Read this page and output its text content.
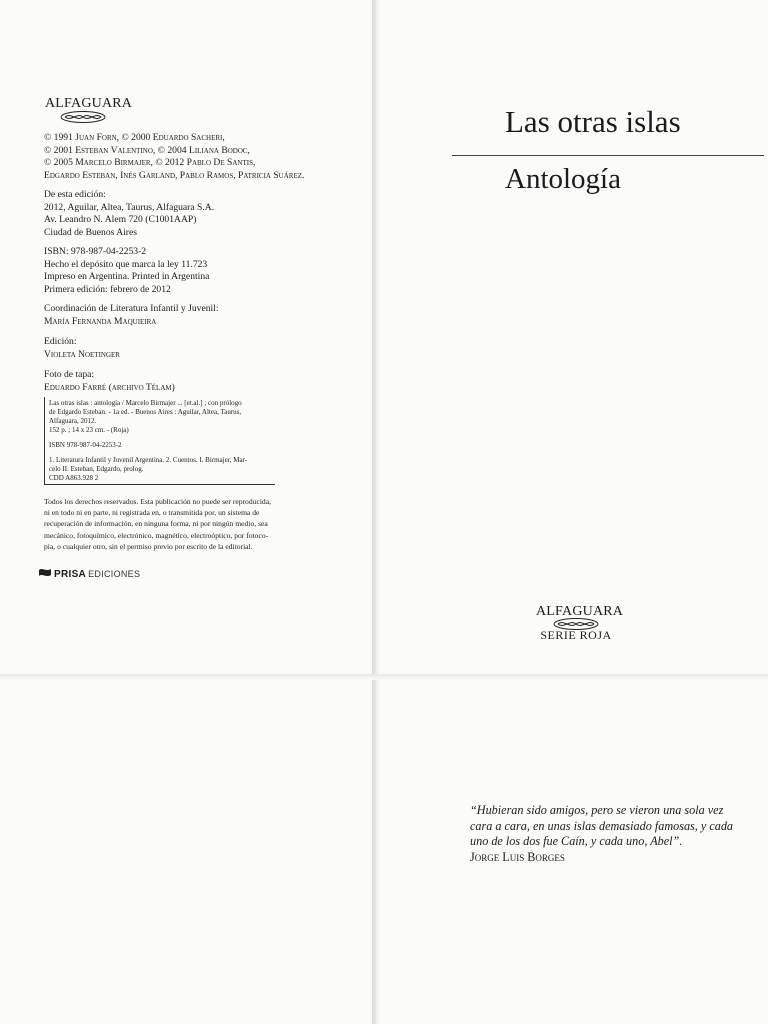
ALFAGUARA
© 1991 Juan Forn, © 2000 Eduardo Sacheri,
© 2001 Esteban Valentino, © 2004 Liliana Bodoc,
© 2005 Marcelo Birmajer, © 2012 Pablo De Santis,
Edgardo Esteban, Inés Garland, Pablo Ramos, Patricia Suárez.
De esta edición:
2012, Aguilar, Altea, Taurus, Alfaguara S.A.
Av. Leandro N. Alem 720 (C1001AAP)
Ciudad de Buenos Aires
ISBN: 978-987-04-2253-2
Hecho el depósito que marca la ley 11.723
Impreso en Argentina. Printed in Argentina
Primera edición: febrero de 2012
Coordinación de Literatura Infantil y Juvenil:
María Fernanda Maquieira
Edición:
Violeta Noetinger
Foto de tapa:
Eduardo Farré (archivo Télam)
Las otras islas : antología / Marcelo Birmajer ... [et.al.] ; con prólogo
de Edgardo Esteban. - 1a ed. - Buenos Aires : Aguilar, Altea, Taurus,
Alfaguara, 2012.
152 p. ; 14 x 23 cm. - (Roja)
ISBN 978-987-04-2253-2
1. Literatura Infantil y Juvenil Argentina. 2. Cuentos. I. Birmajer, Mar-
celo II. Esteban, Edgardo, prolog.
CDD A863.928 2
Todos los derechos reservados. Esta publicación no puede ser reproducida,
ni en todo ni en parte, ni registrada en, o transmitida por, un sistema de
recuperación de información, en ninguna forma, ni por ningún medio, sea
mecánico, fotoquímico, electrónico, magnético, electroóptico, por fotoco-
pia, o cualquier otro, sin el permiso previo por escrito de la editorial.
PRISA EDICIONES
Las otras islas
Antología
ALFAGUARA
SERIE ROJA
“Hubieran sido amigos, pero se vieron una sola vez
cara a cara, en unas islas demasiado famosas, y cada
uno de los dos fue Caín, y cada uno, Abel”.
Jorge Luis Borges
